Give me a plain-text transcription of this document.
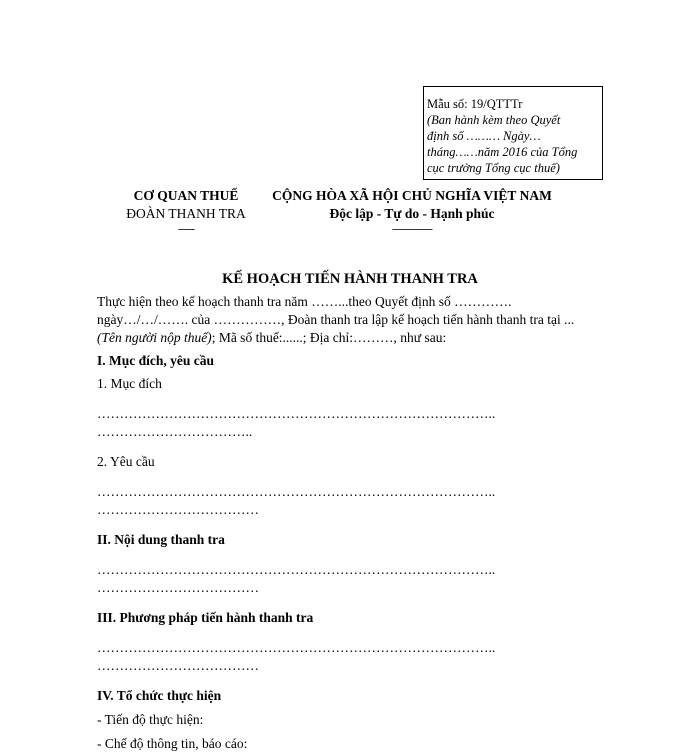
Mẫu số: 19/QTTTr
(Ban hành kèm theo Quyết
định số ……… Ngày…
tháng……năm 2016 của Tổng
cục trưởng Tổng cục thuế)
CƠ QUAN THUẾ
ĐOÀN THANH TRA
------
CỘNG HÒA XÃ HỘI CHỦ NGHĨA VIỆT NAM
Độc lập - Tự do - Hạnh phúc
---------------
KẾ HOẠCH TIẾN HÀNH THANH TRA

Thực hiện theo kế hoạch thanh tra năm ……...theo Quyết định số ………….

ngày…/…/……. của ……………, Đoàn thanh tra lập kế hoạch tiến hành thanh tra tại ...

(Tên người nộp thuế); Mã số thuế:......; Địa chỉ:………, như sau:

I. Mục đích, yêu cầu

1. Mục đích

……………………………………………………………………………..

……………………………..

2. Yêu cầu

……………………………………………………………………………..

………………………………

II. Nội dung thanh tra

……………………………………………………………………………..

………………………………

III. Phương pháp tiến hành thanh tra

……………………………………………………………………………..

………………………………

IV. Tổ chức thực hiện

- Tiến độ thực hiện:

- Chế độ thông tin, báo cáo:
